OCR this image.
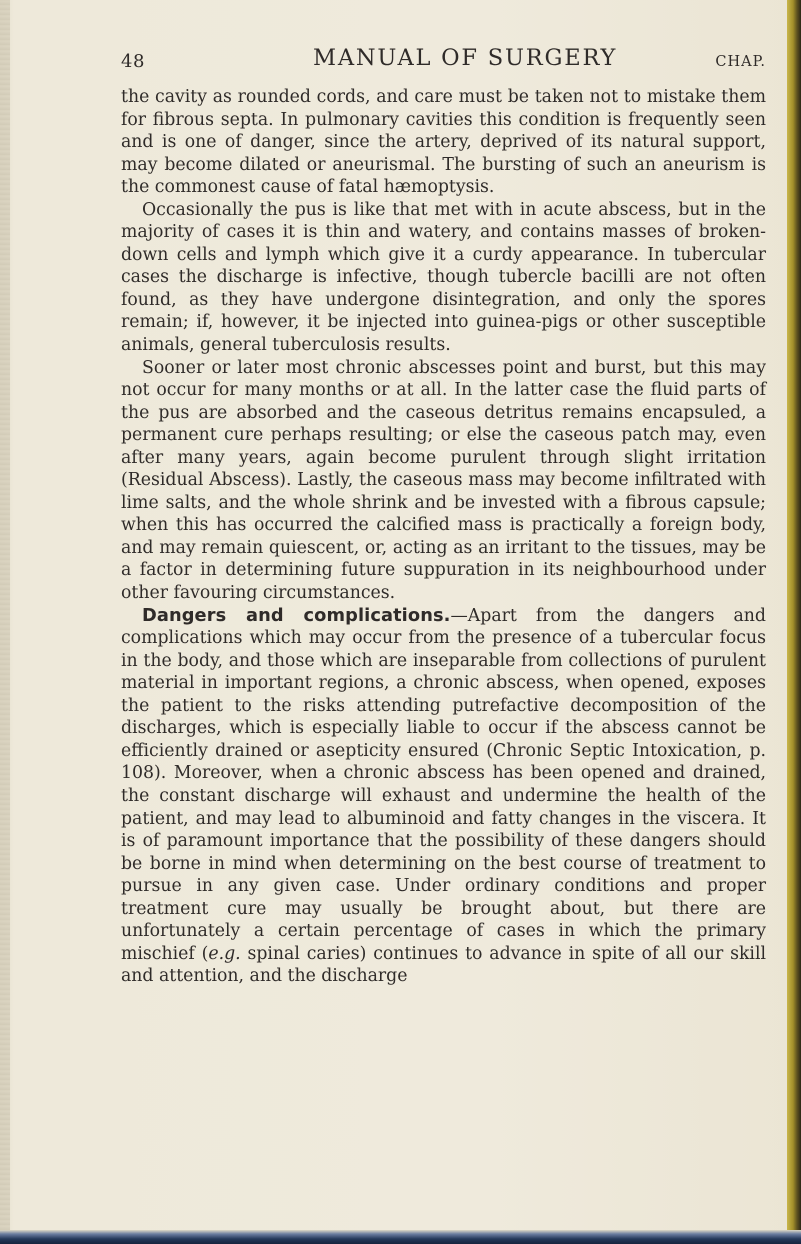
48	MANUAL OF SURGERY	CHAP.

the cavity as rounded cords, and care must be taken not to mistake them for fibrous septa. In pulmonary cavities this condition is frequently seen and is one of danger, since the artery, deprived of its natural support, may become dilated or aneurismal. The bursting of such an aneurism is the commonest cause of fatal hæmoptysis.

Occasionally the pus is like that met with in acute abscess, but in the majority of cases it is thin and watery, and contains masses of broken-down cells and lymph which give it a curdy appearance. In tubercular cases the discharge is infective, though tubercle bacilli are not often found, as they have undergone disintegration, and only the spores remain; if, however, it be injected into guinea-pigs or other susceptible animals, general tuberculosis results.

Sooner or later most chronic abscesses point and burst, but this may not occur for many months or at all. In the latter case the fluid parts of the pus are absorbed and the caseous detritus remains encapsuled, a permanent cure perhaps resulting; or else the caseous patch may, even after many years, again become purulent through slight irritation (Residual Abscess). Lastly, the caseous mass may become infiltrated with lime salts, and the whole shrink and be invested with a fibrous capsule; when this has occurred the calcified mass is practically a foreign body, and may remain quiescent, or, acting as an irritant to the tissues, may be a factor in determining future suppuration in its neighbourhood under other favouring circumstances.

Dangers and complications.—Apart from the dangers and complications which may occur from the presence of a tubercular focus in the body, and those which are inseparable from collections of purulent material in important regions, a chronic abscess, when opened, exposes the patient to the risks attending putrefactive decomposition of the discharges, which is especially liable to occur if the abscess cannot be efficiently drained or asepticity ensured (Chronic Septic Intoxication, p. 108). Moreover, when a chronic abscess has been opened and drained, the constant discharge will exhaust and undermine the health of the patient, and may lead to albuminoid and fatty changes in the viscera. It is of paramount importance that the possibility of these dangers should be borne in mind when determining on the best course of treatment to pursue in any given case. Under ordinary conditions and proper treatment cure may usually be brought about, but there are unfortunately a certain percentage of cases in which the primary mischief (e.g. spinal caries) continues to advance in spite of all our skill and attention, and the discharge
